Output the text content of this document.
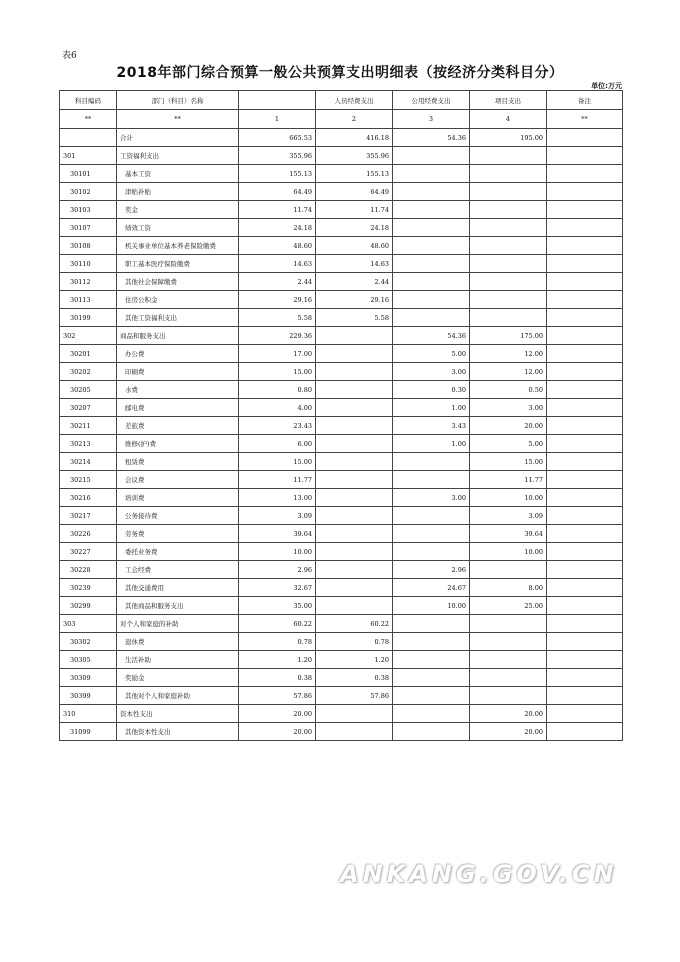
表6
2018年部门综合预算一般公共预算支出明细表（按经济分类科目分）
单位:万元
科目编码	部门（科目）名称		人员经费支出	公用经费支出	项目支出	备注
**	**	1	2	3	4	**
	合计	665.53	416.18	54.36	195.00	
301	工资福利支出	355.96	355.96			
30101	基本工资	155.13	155.13			
30102	津贴补贴	64.49	64.49			
30103	奖金	11.74	11.74			
30107	绩效工资	24.18	24.18			
30108	机关事业单位基本养老保险缴费	48.60	48.60			
30110	职工基本医疗保险缴费	14.63	14.63			
30112	其他社会保障缴费	2.44	2.44			
30113	住房公积金	29.16	29.16			
30199	其他工资福利支出	5.58	5.58			
302	商品和服务支出	229.36		54.36	175.00	
30201	办公费	17.00		5.00	12.00	
30202	印刷费	15.00		3.00	12.00	
30205	水费	0.80		0.30	0.50	
30207	邮电费	4.00		1.00	3.00	
30211	差旅费	23.43		3.43	20.00	
30213	维修(护)费	6.00		1.00	5.00	
30214	租赁费	15.00			15.00	
30215	会议费	11.77			11.77	
30216	培训费	13.00		3.00	10.00	
30217	公务接待费	3.09			3.09	
30226	劳务费	39.64			39.64	
30227	委托业务费	10.00			10.00	
30228	工会经费	2.96		2.96		
30239	其他交通费用	32.67		24.67	8.00	
30299	其他商品和服务支出	35.00		10.00	25.00	
303	对个人和家庭的补助	60.22	60.22			
30302	退休费	0.78	0.78			
30305	生活补助	1.20	1.20			
30309	奖励金	0.38	0.38			
30399	其他对个人和家庭补助	57.86	57.86			
310	资本性支出	20.00			20.00	
31099	其他资本性支出	20.00			20.00	
ANKANG.GOV.CN
